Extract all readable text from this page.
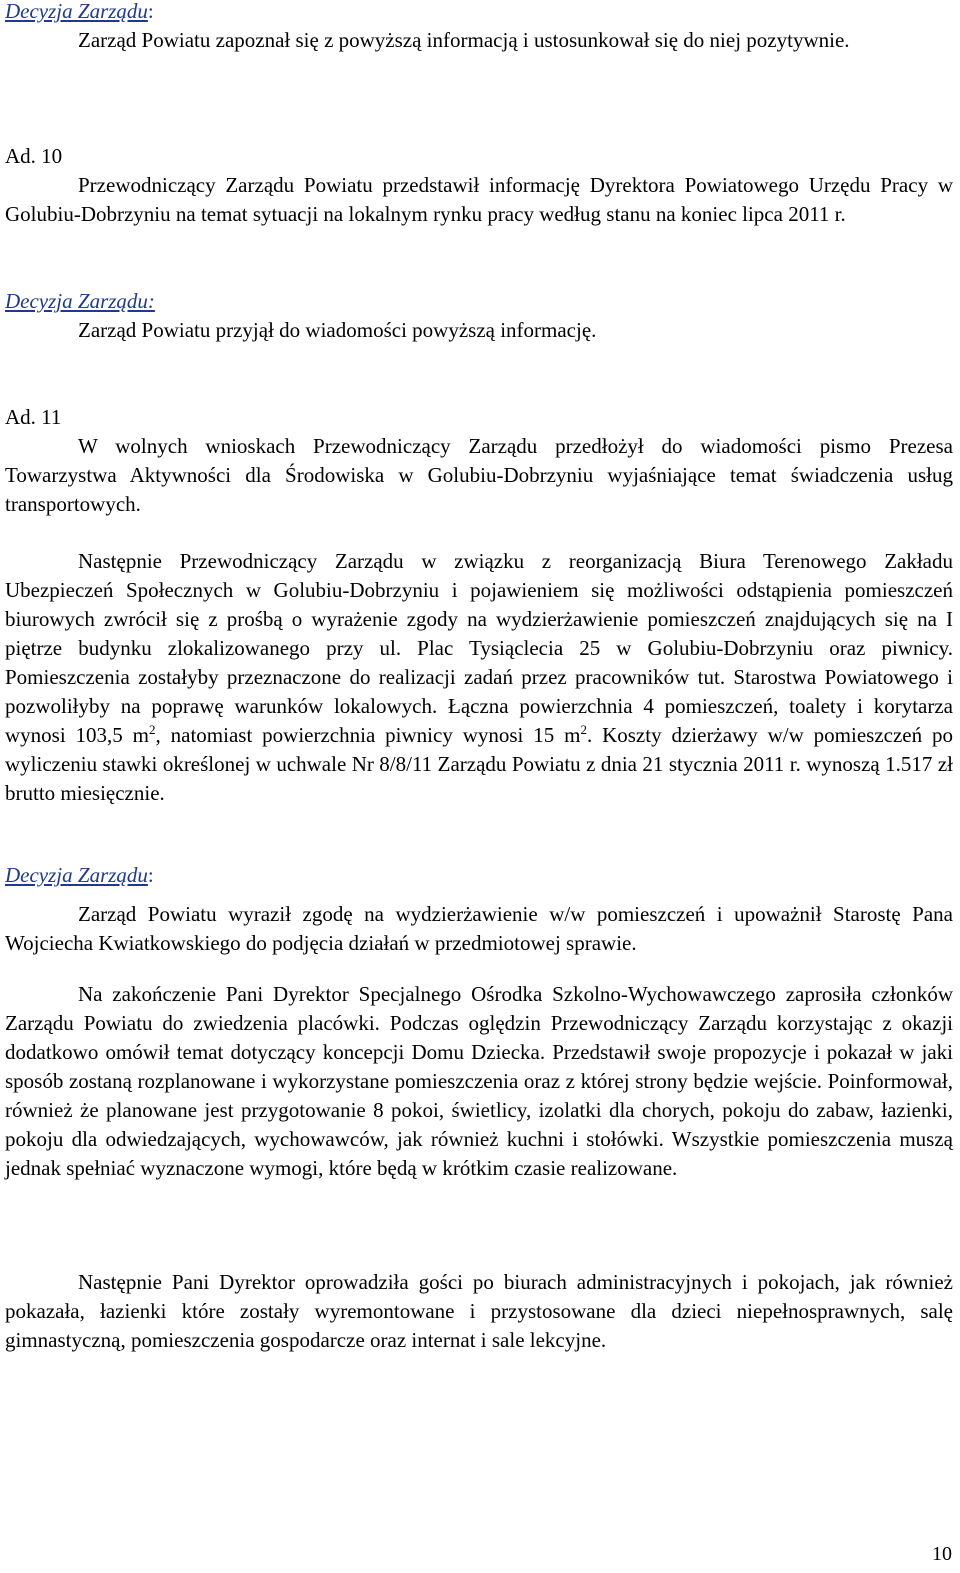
Decyzja Zarządu:

Zarząd Powiatu zapoznał się z powyższą informacją i ustosunkował się do niej pozytywnie.

Ad. 10

Przewodniczący Zarządu Powiatu przedstawił informację Dyrektora Powiatowego Urzędu Pracy w Golubiu-Dobrzyniu na temat sytuacji na lokalnym rynku pracy według stanu na koniec lipca 2011 r.

Decyzja Zarządu:

Zarząd Powiatu przyjął do wiadomości powyższą informację.

Ad. 11

W wolnych wnioskach Przewodniczący Zarządu przedłożył do wiadomości pismo Prezesa Towarzystwa Aktywności dla Środowiska w Golubiu-Dobrzyniu wyjaśniające temat świadczenia usług transportowych.

Następnie Przewodniczący Zarządu w związku z reorganizacją Biura Terenowego Zakładu Ubezpieczeń Społecznych w Golubiu-Dobrzyniu i pojawieniem się możliwości odstąpienia pomieszczeń biurowych zwrócił się z prośbą o wyrażenie zgody na wydzierżawienie pomieszczeń znajdujących się na I piętrze budynku zlokalizowanego przy ul. Plac Tysiąclecia 25 w Golubiu-Dobrzyniu oraz piwnicy. Pomieszczenia zostałyby przeznaczone do realizacji zadań przez pracowników tut. Starostwa Powiatowego i pozwoliłyby na poprawę warunków lokalowych. Łączna powierzchnia 4 pomieszczeń, toalety i korytarza wynosi 103,5 $m^2$, natomiast powierzchnia piwnicy wynosi 15 $m^2$. Koszty dzierżawy w/w pomieszczeń po wyliczeniu stawki określonej w uchwale Nr 8/8/11 Zarządu Powiatu z dnia 21 stycznia 2011 r. wynoszą 1.517 zł brutto miesięcznie.

Decyzja Zarządu:

Zarząd Powiatu wyraził zgodę na wydzierżawienie w/w pomieszczeń i upoważnił Starostę Pana Wojciecha Kwiatkowskiego do podjęcia działań w przedmiotowej sprawie.

Na zakończenie Pani Dyrektor Specjalnego Ośrodka Szkolno-Wychowawczego zaprosiła członków Zarządu Powiatu do zwiedzenia placówki. Podczas oględzin Przewodniczący Zarządu korzystając z okazji dodatkowo omówił temat dotyczący koncepcji Domu Dziecka. Przedstawił swoje propozycje i pokazał w jaki sposób zostaną rozplanowane i wykorzystane pomieszczenia oraz z której strony będzie wejście. Poinformował, również że planowane jest przygotowanie 8 pokoi, świetlicy, izolatki dla chorych, pokoju do zabaw, łazienki, pokoju dla odwiedzających, wychowawców, jak również kuchni i stołówki. Wszystkie pomieszczenia muszą jednak spełniać wyznaczone wymogi, które będą w krótkim czasie realizowane.

Następnie Pani Dyrektor oprowadziła gości po biurach administracyjnych i pokojach, jak również pokazała, łazienki które zostały wyremontowane i przystosowane dla dzieci niepełnosprawnych, salę gimnastyczną, pomieszczenia gospodarcze oraz internat i sale lekcyjne.

10
